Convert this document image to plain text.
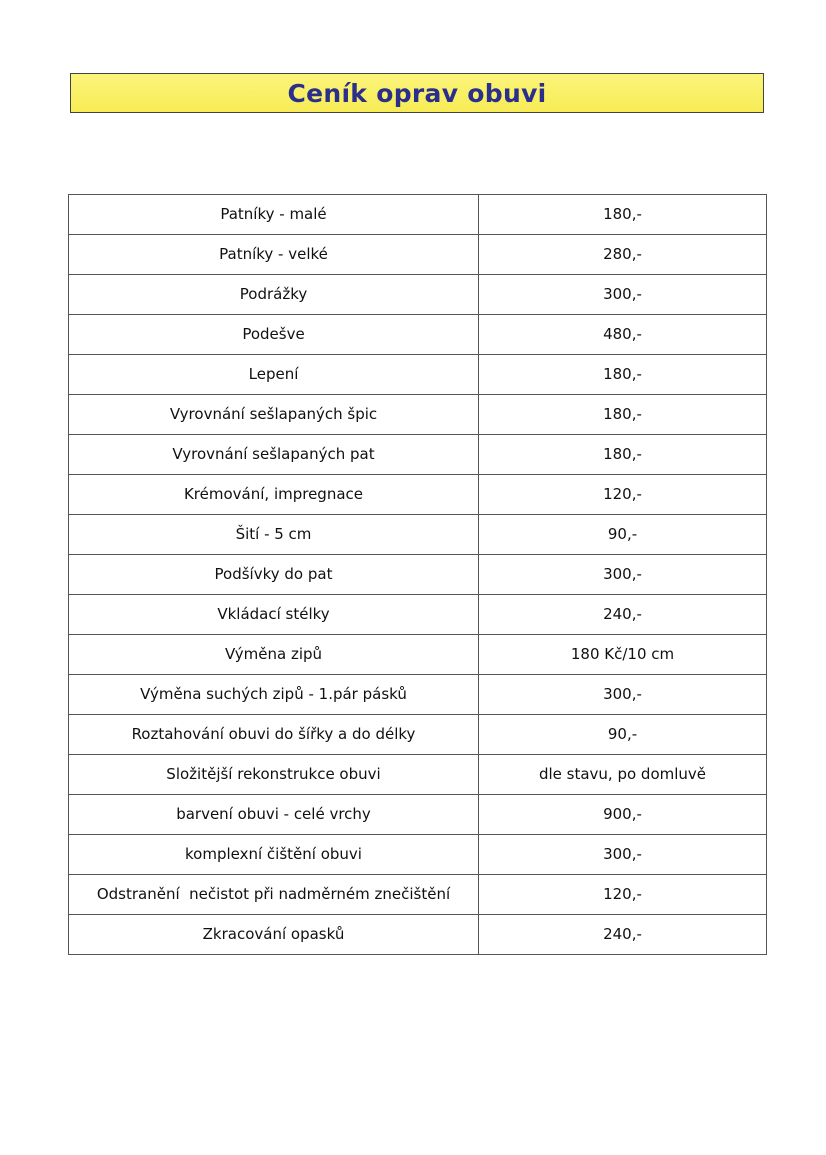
Ceník oprav obuvi
Patníky - malé	180,-
Patníky - velké	280,-
Podrážky	300,-
Podešve	480,-
Lepení	180,-
Vyrovnání sešlapaných špic	180,-
Vyrovnání sešlapaných pat	180,-
Krémování, impregnace	120,-
Šití - 5 cm	90,-
Podšívky do pat	300,-
Vkládací stélky	240,-
Výměna zipů	180 Kč/10 cm
Výměna suchých zipů - 1.pár pásků	300,-
Roztahování obuvi do šířky a do délky	90,-
Složitější rekonstrukce obuvi	dle stavu, po domluvě
barvení obuvi - celé vrchy	900,-
komplexní čištění obuvi	300,-
Odstranění  nečistot při nadměrném znečištění	120,-
Zkracování opasků	240,-
